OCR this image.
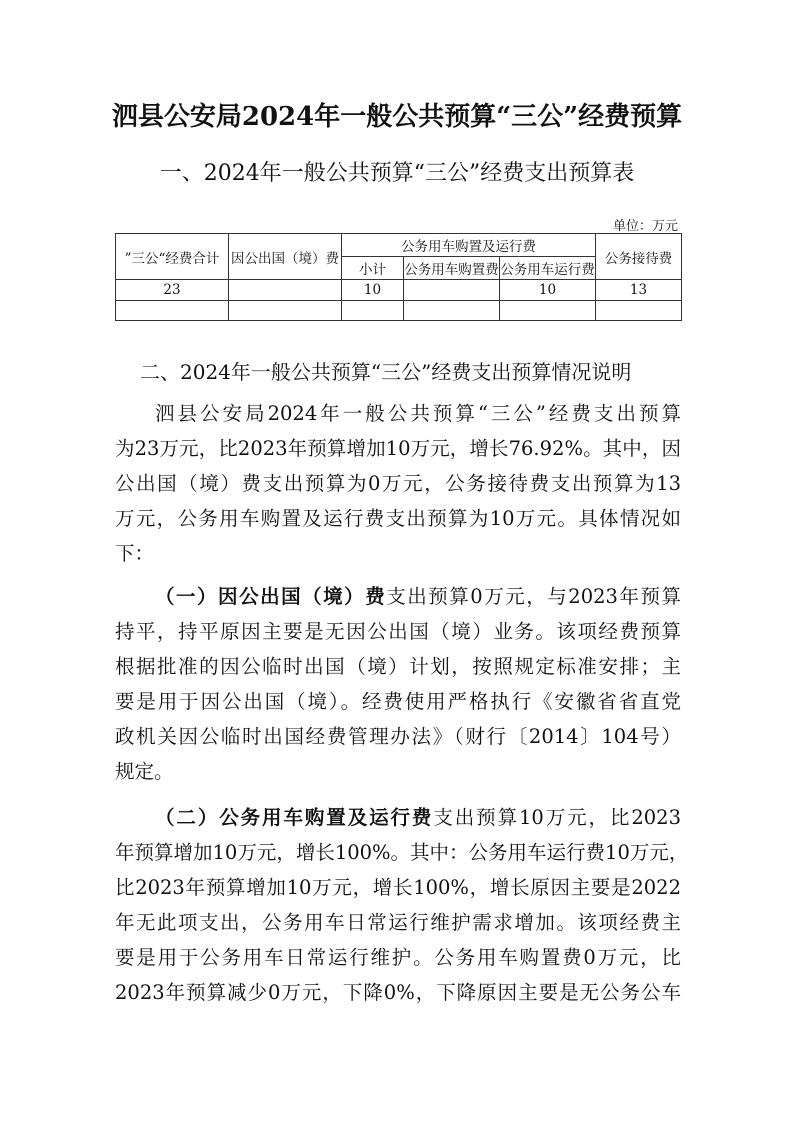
泗县公安局2024年一般公共预算“三公”经费预算
一、2024年一般公共预算“三公”经费支出预算表
单位：万元
”三公“经费合计	因公出国（境）费	公务用车购置及运行费			公务接待费
		小计	公务用车购置费	公务用车运行费	
23		10		10	13

二、2024年一般公共预算“三公”经费支出预算情况说明
泗县公安局2024年一般公共预算“三公”经费支出预算
为23万元，比2023年预算增加10万元，增长76.92%。其中，因
公出国（境）费支出预算为0万元，公务接待费支出预算为13
万元，公务用车购置及运行费支出预算为10万元。具体情况如
下：
（一）因公出国（境）费支出预算0万元，与2023年预算
持平，持平原因主要是无因公出国（境）业务。该项经费预算
根据批准的因公临时出国（境）计划，按照规定标准安排；主
要是用于因公出国（境）。经费使用严格执行《安徽省省直党
政机关因公临时出国经费管理办法》（财行〔2014〕104号）
规定。
（二）公务用车购置及运行费支出预算10万元，比2023
年预算增加10万元，增长100%。其中：公务用车运行费10万元，
比2023年预算增加10万元，增长100%，增长原因主要是2022
年无此项支出，公务用车日常运行维护需求增加。该项经费主
要是用于公务用车日常运行维护。公务用车购置费0万元，比
2023年预算减少0万元，下降0%，下降原因主要是无公务公车
